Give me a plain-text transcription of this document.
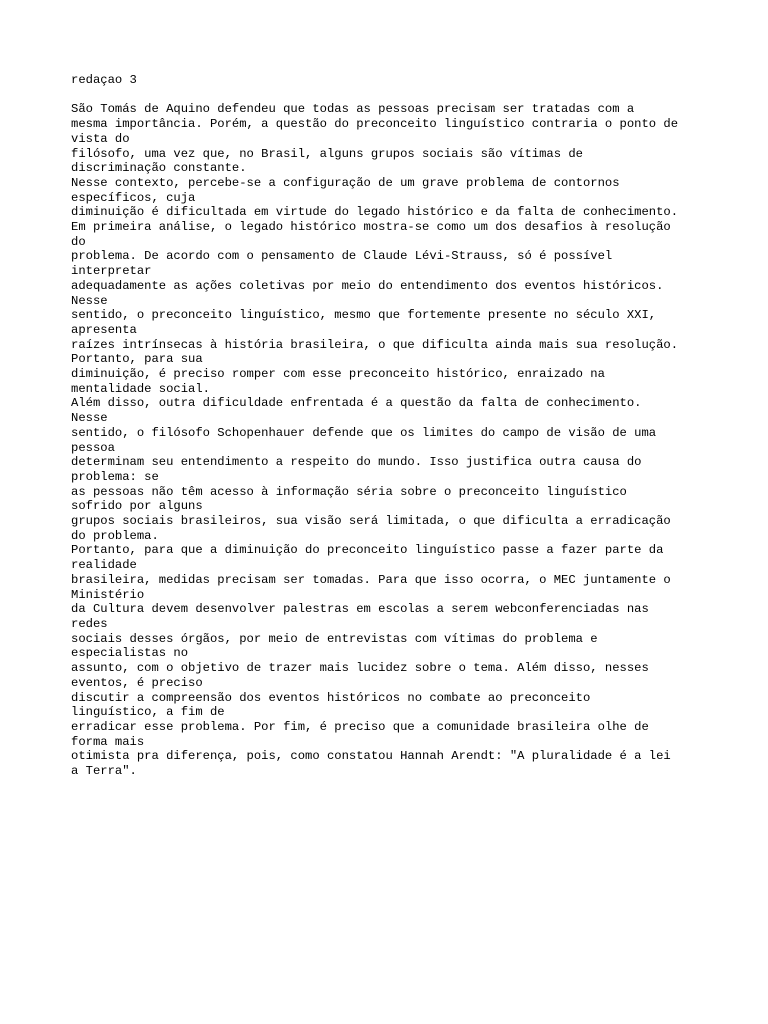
redaçao 3

São Tomás de Aquino defendeu que todas as pessoas precisam ser tratadas com a

mesma importância. Porém, a questão do preconceito linguístico contraria o ponto de

vista do

filósofo, uma vez que, no Brasil, alguns grupos sociais são vítimas de

discriminação constante.

Nesse contexto, percebe-se a configuração de um grave problema de contornos

específicos, cuja

diminuição é dificultada em virtude do legado histórico e da falta de conhecimento.

Em primeira análise, o legado histórico mostra-se como um dos desafios à resolução

do

problema. De acordo com o pensamento de Claude Lévi-Strauss, só é possível

interpretar

adequadamente as ações coletivas por meio do entendimento dos eventos históricos.

Nesse

sentido, o preconceito linguístico, mesmo que fortemente presente no século XXI,

apresenta

raízes intrínsecas à história brasileira, o que dificulta ainda mais sua resolução.

Portanto, para sua

diminuição, é preciso romper com esse preconceito histórico, enraizado na

mentalidade social.

Além disso, outra dificuldade enfrentada é a questão da falta de conhecimento.

Nesse

sentido, o filósofo Schopenhauer defende que os limites do campo de visão de uma

pessoa

determinam seu entendimento a respeito do mundo. Isso justifica outra causa do

problema: se

as pessoas não têm acesso à informação séria sobre o preconceito linguístico

sofrido por alguns

grupos sociais brasileiros, sua visão será limitada, o que dificulta a erradicação

do problema.

Portanto, para que a diminuição do preconceito linguístico passe a fazer parte da

realidade

brasileira, medidas precisam ser tomadas. Para que isso ocorra, o MEC juntamente o

Ministério

da Cultura devem desenvolver palestras em escolas a serem webconferenciadas nas

redes

sociais desses órgãos, por meio de entrevistas com vítimas do problema e

especialistas no

assunto, com o objetivo de trazer mais lucidez sobre o tema. Além disso, nesses

eventos, é preciso

discutir a compreensão dos eventos históricos no combate ao preconceito

linguístico, a fim de

erradicar esse problema. Por fim, é preciso que a comunidade brasileira olhe de

forma mais

otimista pra diferença, pois, como constatou Hannah Arendt: "A pluralidade é a lei

a Terra".
